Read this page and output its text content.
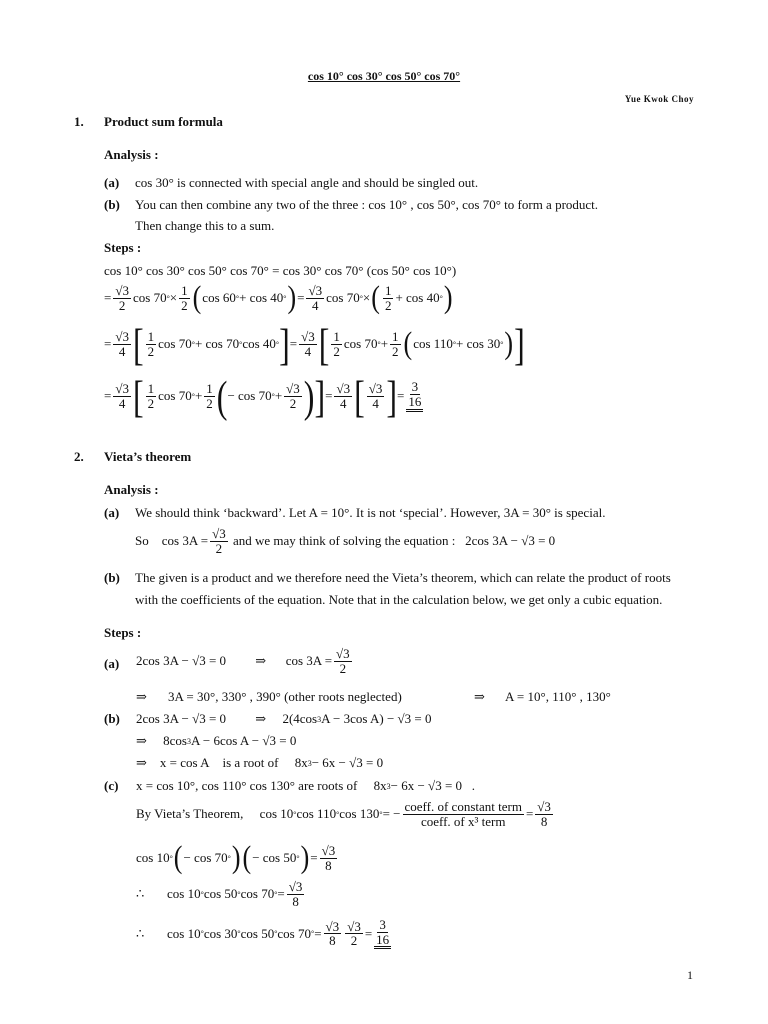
cos 10° cos 30° cos 50° cos 70°
Yue Kwok Choy
1. Product sum formula
Analysis :
(a) cos 30° is connected with special angle and should be singled out.
(b) You can then combine any two of the three : cos 10° , cos 50°, cos 70° to form a product.
Then change this to a sum.
Steps :
cos 10° cos 30° cos 50° cos 70° = cos 30° cos 70° (cos 50° cos 10°)
= $\frac{√3}{2}$ cos 70 ° × $\frac{1}{2}$ ( cos 60 ° + cos 40 ° ) = $\frac{√3}{4}$ cos 70 ° × ( $\frac{1}{2} + \cos 40$ ° )
= $\frac{√3}{4}$ [ $\frac{1}{2}$ cos 70 ° + cos 70 ° cos 40 ° ] = $\frac{√3}{4}$ [ $\frac{1}{2}$ cos 70 ° + $\frac{1}{2}$ ( cos 110 ° + cos 30 ° ) ]
= $\frac{√3}{4}$ [ $\frac{1}{2}$ cos 70 ° + $\frac{1}{2}$ ( − cos 70 ° + $\frac{√3}{2}$ ) ] = $\frac{√3}{4}$ [ $\frac{√3}{4}$ ] = $\frac{3}{16}$
2. Vieta’s theorem
Analysis :
(a) We should think ‘backward’. Let A = 10°. It is not ‘special’. However, 3A = 30° is special.
So $\cos 3A = \frac{√3}{2}$
and we may think of solving the equation : 2cos 3A − √3 = 0
(b) The given is a product and we therefore need the Vieta’s theorem, which can relate the product of roots
with the coefficients of the equation. Note that in the calculation below, we get only a cubic equation.
Steps :
(a) 2cos 3A − √3 = 0         ⇒      $\cos 3A = \frac{√3}{2}$
⇒ 3A = 30°, 330° , 390° (other roots neglected)	⇒ A = 10°, 110° , 130°
(b) 2cos 3A − √3 = 0         ⇒     2(4cos 3 A − 3cos A) − √3 = 0
⇒     8cos 3 A − 6cos A − √3 = 0
⇒ x = cos A
is a root of 8x 3 − 6x − √3 = 0
(c) x = cos 10°, cos 110° cos 130° are roots of 8x 3 − 6x − √3 = 0   .
By Vieta’s Theorem, cos 10 ° cos 110 ° cos 130 ° = − $\frac{\text{coeff. of constant term}}{\text{coeff. of x³ term}} = \frac{√3}{8}$
cos 10 ° ( − cos 70 ° ) ( − cos 50 ° ) = $\frac{√3}{8}$
∴       cos 10 ° cos 50 ° cos 70 ° = $\frac{√3}{8}$
∴       cos 10 ° cos 30 ° cos 50 ° cos 70 ° = $\frac{√3}{8} \frac{√3}{2} = \frac{3}{16}$
1
